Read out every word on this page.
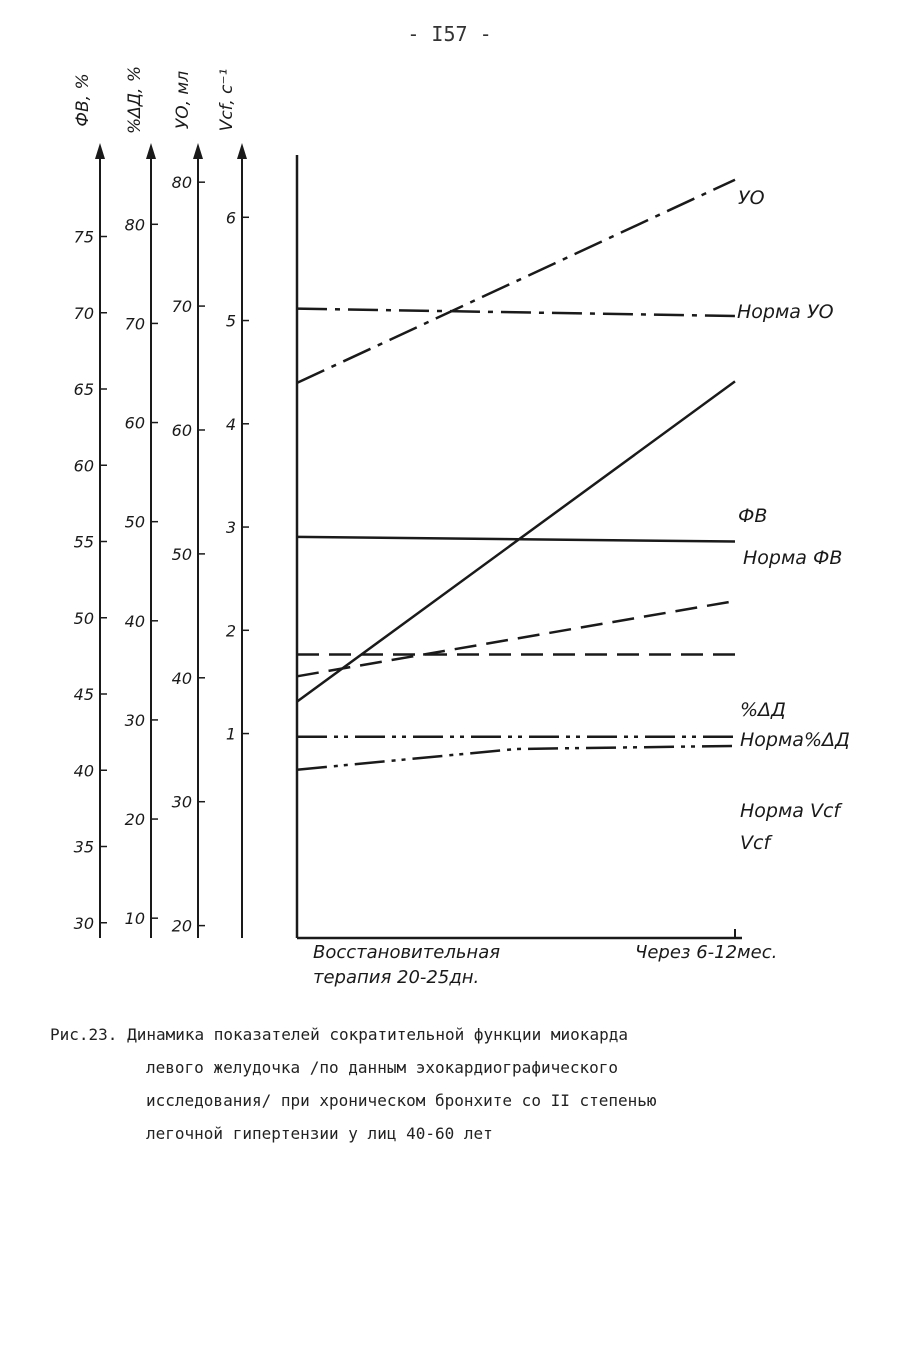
- I57 -
30
35
40
45
50
55
60
65
70
75
ФВ, %
10
20
30
40
50
60
70
80
%ΔД, %
20
30
40
50
60
70
80
УО, мл
1
2
3
4
5
6
Vcf, c⁻¹
Восстановительная
терапия 20-25дн.
Через 6-12мес.
УО
Норма УО
ФВ
Норма ФВ
%ΔД
Норма%ΔД
Норма Vcf
Vcf
Рис.23. Динамика показателей сократительной функции миокарда
левого желудочка /по данным эхокардиографического
исследования/ при хроническом бронхите со II степенью
легочной гипертензии у лиц 40-60 лет
